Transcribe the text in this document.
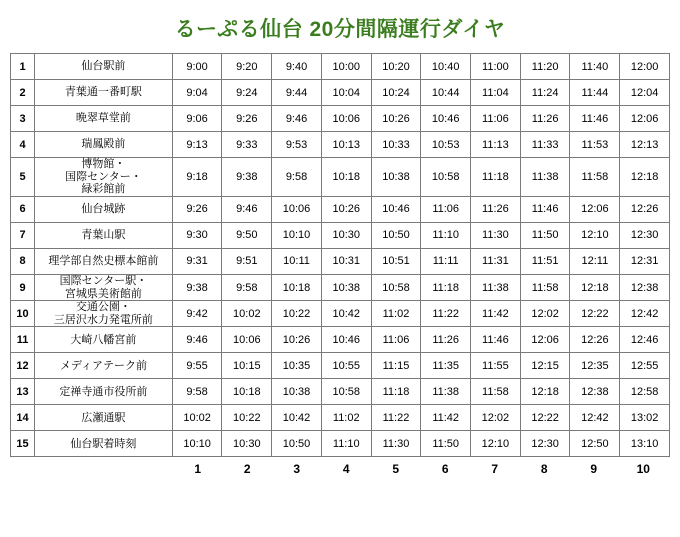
るーぷる仙台 20分間隔運行ダイヤ
1	仙台駅前	9:00	9:20	9:40	10:00	10:20	10:40	11:00	11:20	11:40	12:00
2	青葉通一番町駅	9:04	9:24	9:44	10:04	10:24	10:44	11:04	11:24	11:44	12:04
3	晩翠草堂前	9:06	9:26	9:46	10:06	10:26	10:46	11:06	11:26	11:46	12:06
4	瑞鳳殿前	9:13	9:33	9:53	10:13	10:33	10:53	11:13	11:33	11:53	12:13
5	博物館・
国際センター・
緑彩館前	9:18	9:38	9:58	10:18	10:38	10:58	11:18	11:38	11:58	12:18
6	仙台城跡	9:26	9:46	10:06	10:26	10:46	11:06	11:26	11:46	12:06	12:26
7	青葉山駅	9:30	9:50	10:10	10:30	10:50	11:10	11:30	11:50	12:10	12:30
8	理学部自然史標本館前	9:31	9:51	10:11	10:31	10:51	11:11	11:31	11:51	12:11	12:31
9	国際センター駅・
宮城県美術館前	9:38	9:58	10:18	10:38	10:58	11:18	11:38	11:58	12:18	12:38
10	交通公園・
三居沢水力発電所前	9:42	10:02	10:22	10:42	11:02	11:22	11:42	12:02	12:22	12:42
11	大崎八幡宮前	9:46	10:06	10:26	10:46	11:06	11:26	11:46	12:06	12:26	12:46
12	メディアテーク前	9:55	10:15	10:35	10:55	11:15	11:35	11:55	12:15	12:35	12:55
13	定禅寺通市役所前	9:58	10:18	10:38	10:58	11:18	11:38	11:58	12:18	12:38	12:58
14	広瀬通駅	10:02	10:22	10:42	11:02	11:22	11:42	12:02	12:22	12:42	13:02
15	仙台駅着時刻	10:10	10:30	10:50	11:10	11:30	11:50	12:10	12:30	12:50	13:10
1	2	3	4	5	6	7	8	9	10
